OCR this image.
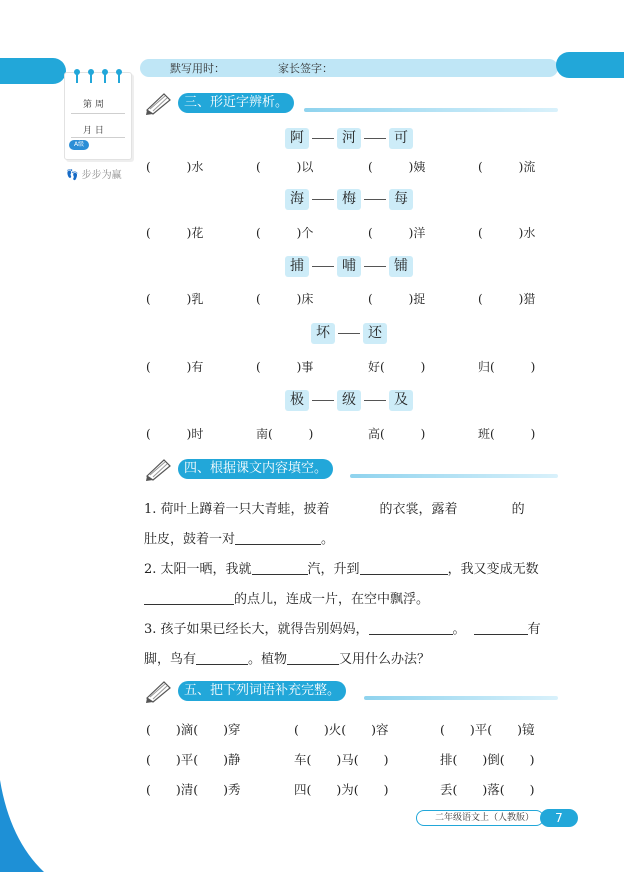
默写用时：	家长签字：
第 周
月 日
A级
👣 步步为赢
三、形近字辨析。
阿	河	可
(　　　)水	(　　　)以	(　　　)姨	(　　　)流
海	梅	每
(　　　)花	(　　　)个	(　　　)洋	(　　　)水
捕	哺	铺
(　　　)乳	(　　　)床	(　　　)捉	(　　　)猎
坏	还
(　　　)有	(　　　)事	好(　　　)	归(　　　)
极	级	及
(　　　)时	南(　　　)	高(　　　)	班(　　　)
四、根据课文内容填空。
1. 荷叶上蹲着一只大青蛙，披着	的衣裳，露着	的
肚皮，鼓着一对	。
2. 太阳一晒，我就	汽，升到	，我又变成无数
的点儿，连成一片，在空中飘浮。
3. 孩子如果已经长大，就得告别妈妈，	。	有
脚，鸟有	。植物	又用什么办法？
五、把下列词语补充完整。
(　　)滴(　　)穿	(　　)火(　　)容	(　　)平(　　)镜
(　　)平(　　)静	车(　　)马(　　)	排(　　)倒(　　)
(　　)清(　　)秀	四(　　)为(　　)	丢(　　)落(　　)
二年级语文上（人教版）	7
